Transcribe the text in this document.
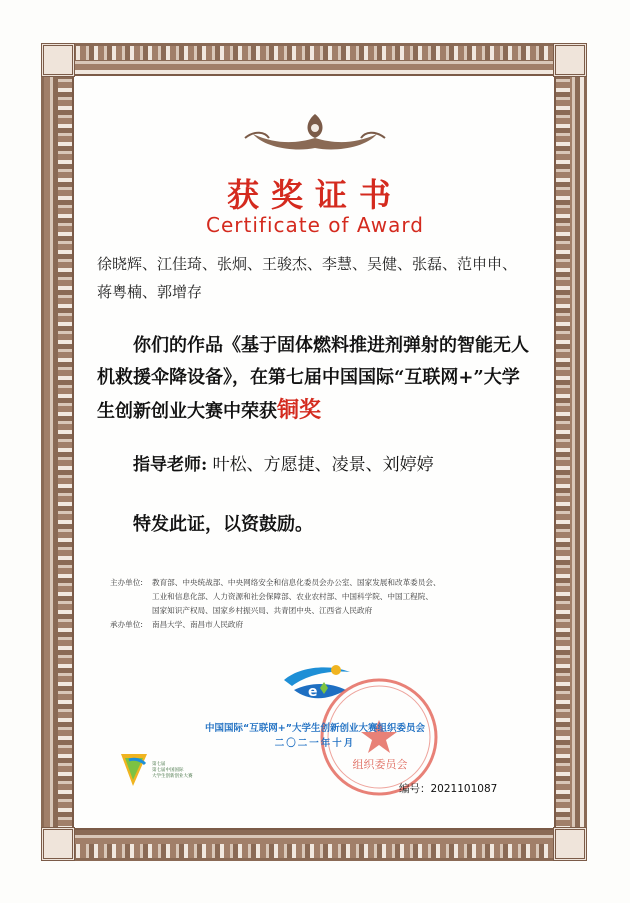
获奖证书
Certificate of Award
徐晓辉、江佳琦、张炯、王骏杰、李慧、吴健、张磊、范申申、
蒋粤楠、郭增存
你们的作品《基于固体燃料推进剂弹射的智能无人机救援伞降设备》，在第七届中国国际“互联网+”大学生创新创业大赛中荣获铜奖
指导老师: 叶松、方愿捷、凌景、刘婷婷
特发此证，以资鼓励。
主办单位:	教育部、中央统战部、中央网络安全和信息化委员会办公室、国家发展和改革委员会、
工业和信息化部、人力资源和社会保障部、农业农村部、中国科学院、中国工程院、
国家知识产权局、国家乡村振兴局、共青团中央、江西省人民政府
承办单位:	南昌大学、南昌市人民政府
e
中国国际“互联网+”大学生创新创业大赛组织委员会
二〇二一年十月
组织委员会
第七届
第七届中国国际
大学生创新创业大赛
编号：2021101087
